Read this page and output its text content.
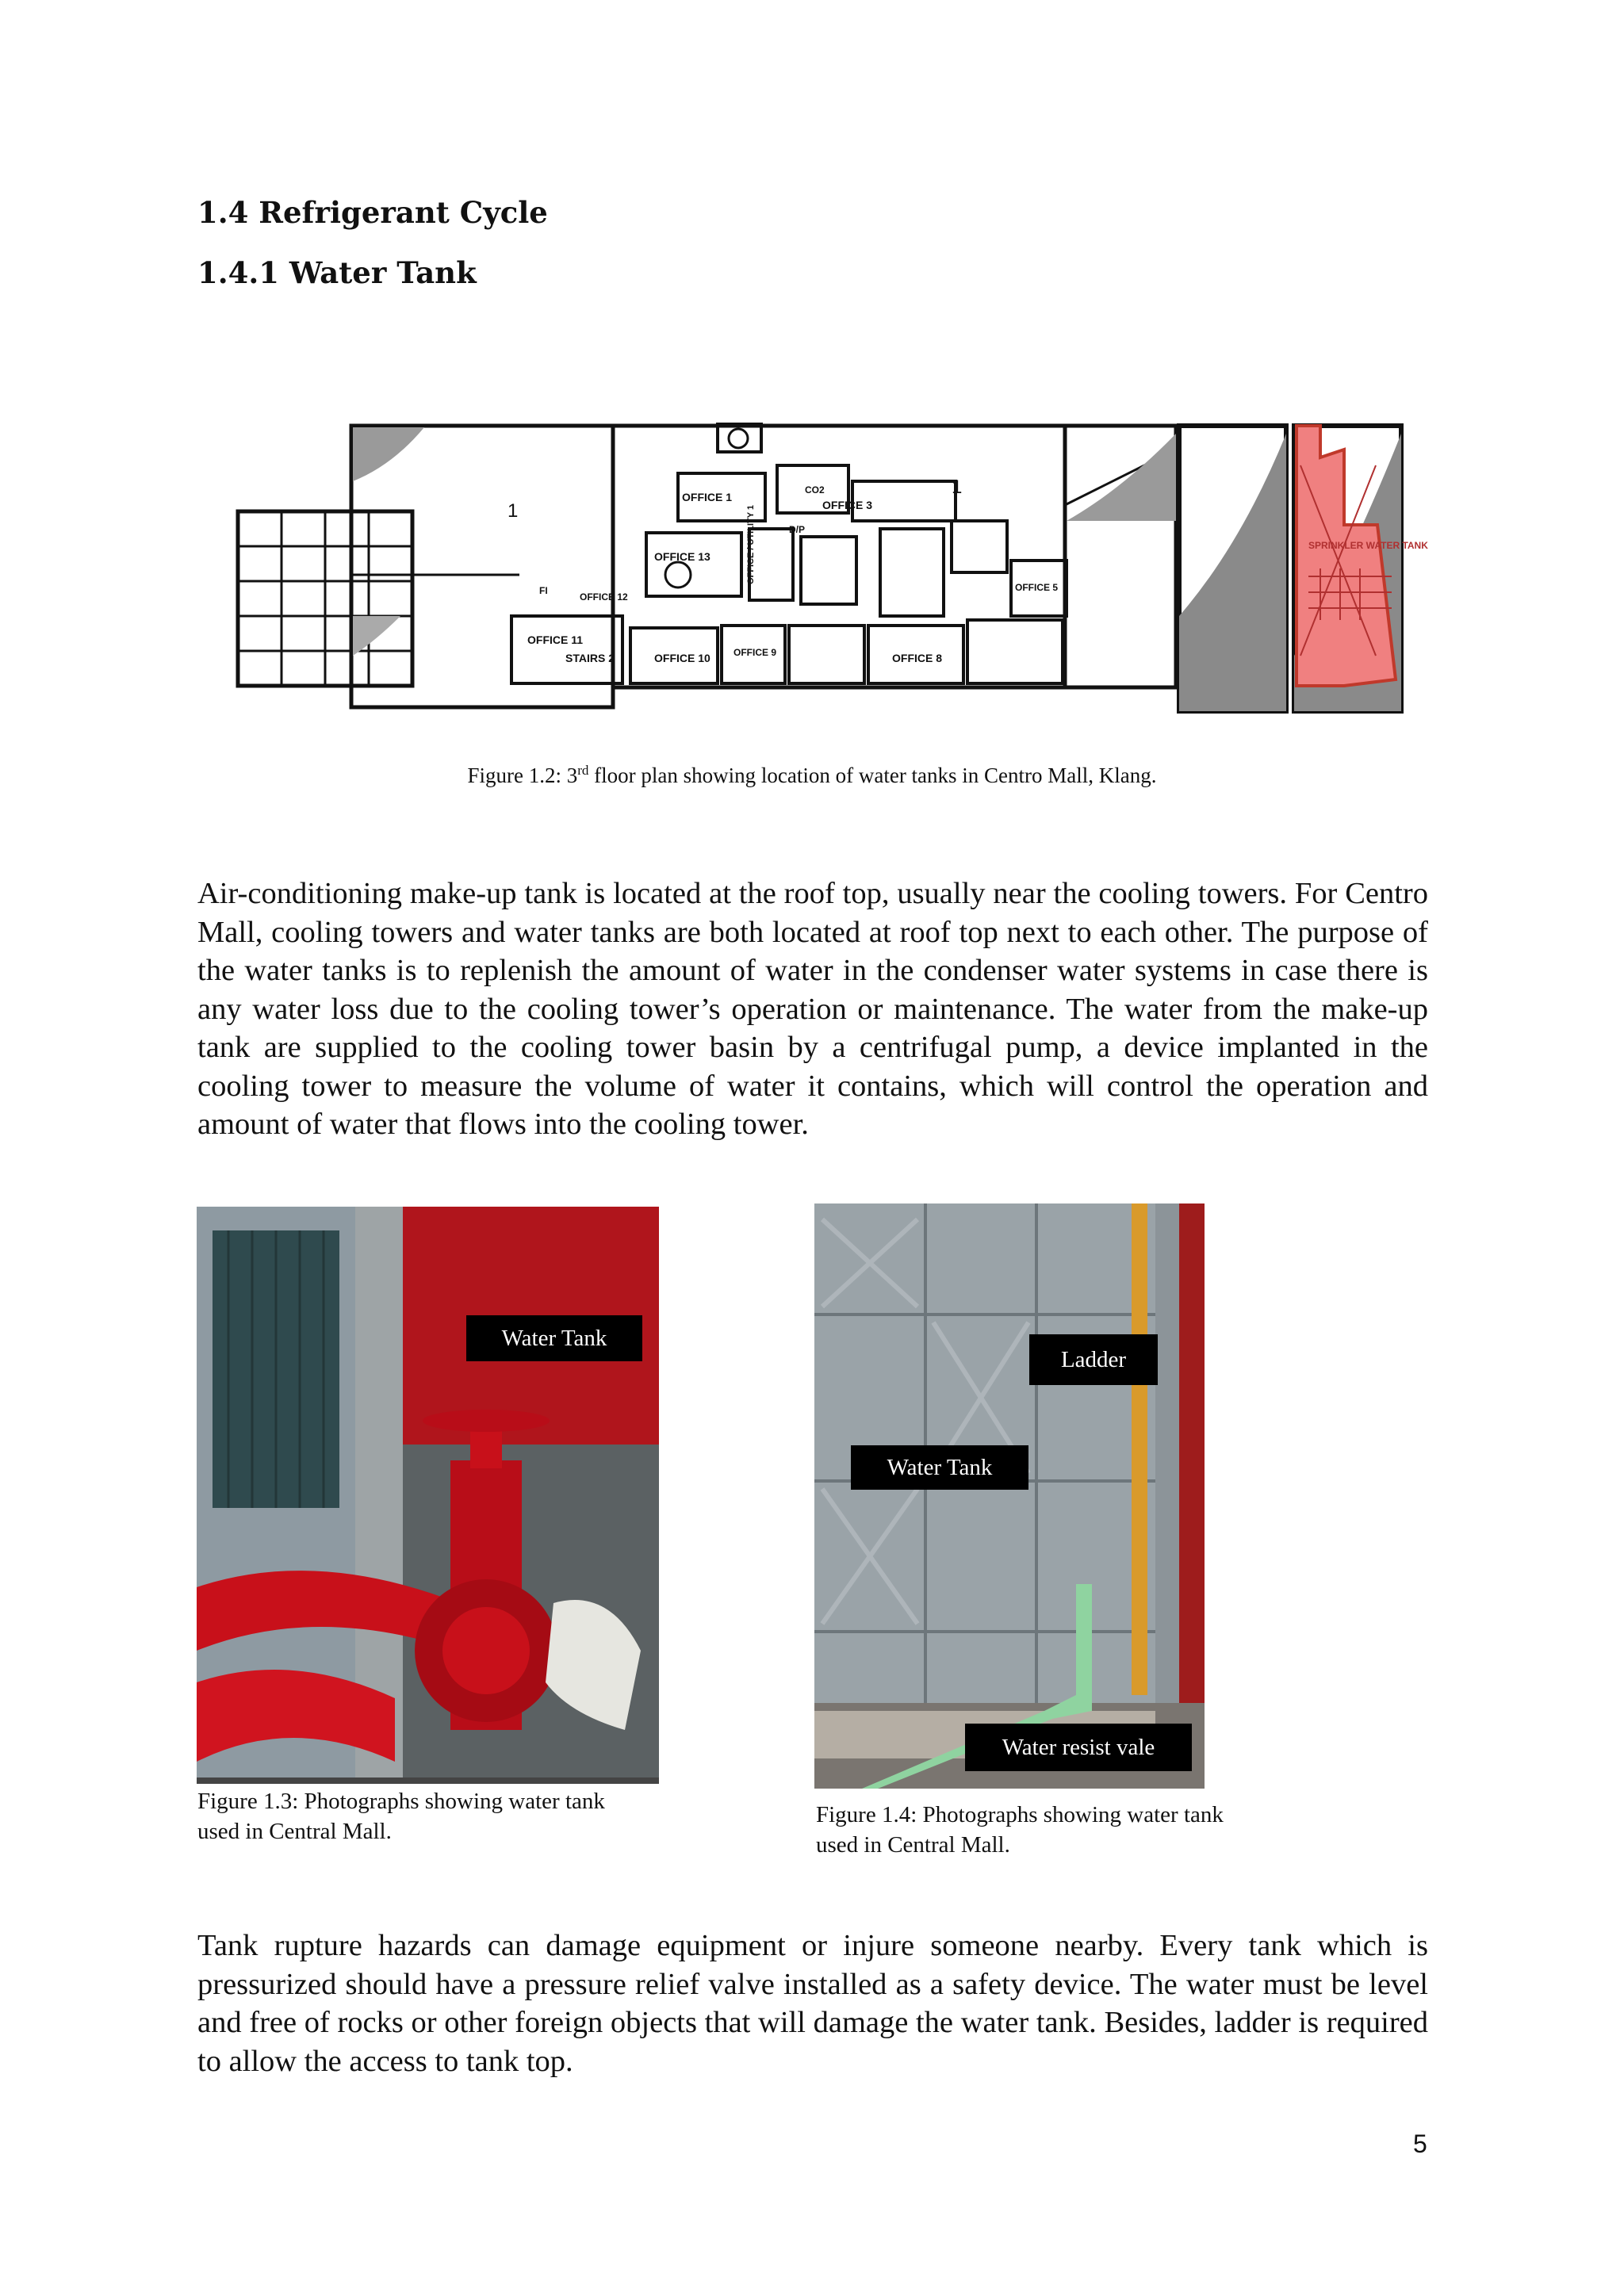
1.4 Refrigerant Cycle
1.4.1 Water Tank
1
1
OFFICE 1
OFFICE 3
OFFICE 13
OFFICE 12
OFFICE 11
STAIRS 2	OFFICE 10 OFFICE 9	OFFICE 8
OFFICE 5
OFFICE / UTILITY 1
CO2
D/P
FI
SPRINKLER WATER TANK
Figure 1.2: 3rd floor plan showing location of water tanks in Centro Mall, Klang.

Air-conditioning make-up tank is located at the roof top, usually near the cooling towers. For Centro Mall, cooling towers and water tanks are both located at roof top next to each other. The purpose of the water tanks is to replenish the amount of water in the condenser water systems in case there is any water loss due to the cooling tower’s operation or maintenance. The water from the make-up tank are supplied to the cooling tower basin by a centrifugal pump, a device implanted in the cooling tower to measure the volume of water it contains, which will control the operation and amount of water that flows into the cooling tower.

Water Tank

Figure 1.3: Photographs showing water tank used in Central Mall.

Ladder
Water Tank
Water resist vale

Figure 1.4: Photographs showing water tank used in Central Mall.

Tank rupture hazards can damage equipment or injure someone nearby. Every tank which is pressurized should have a pressure relief valve installed as a safety device. The water must be level and free of rocks or other foreign objects that will damage the water tank. Besides, ladder is required to allow the access to tank top.

5
